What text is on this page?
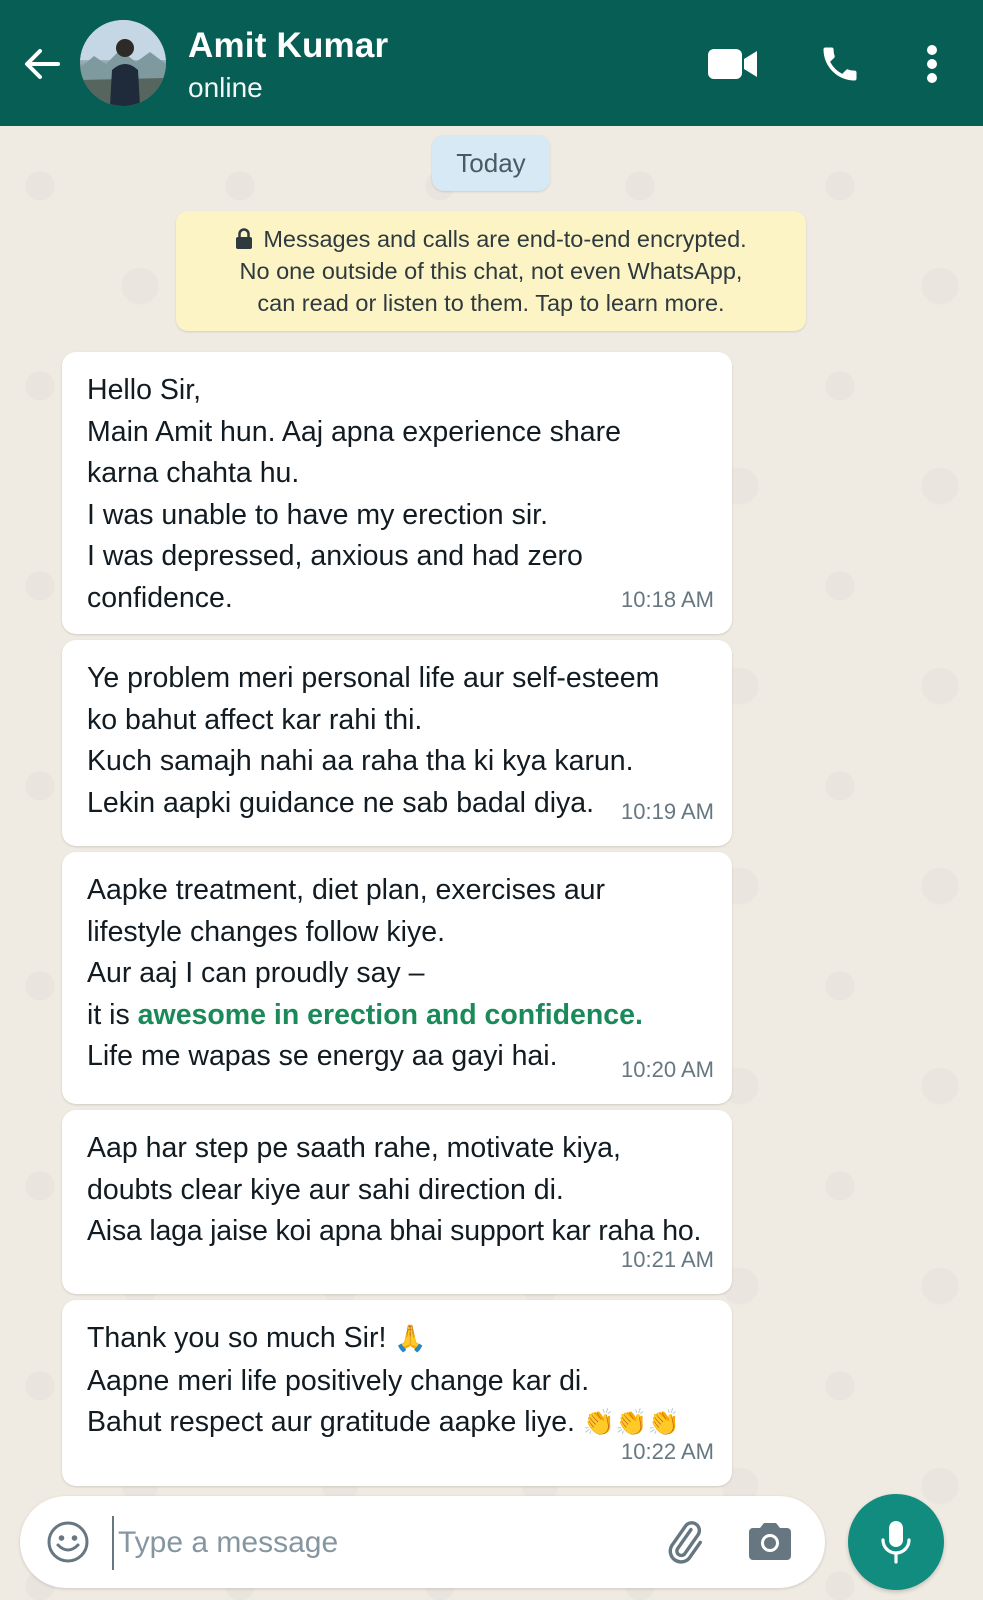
Amit Kumar
online
Today
Messages and calls are end-to-end encrypted.
No one outside of this chat, not even WhatsApp,
can read or listen to them. Tap to learn more.
Hello Sir,
Main Amit hun. Aaj apna experience share
karna chahta hu.
I was unable to have my erection sir.
I was depressed, anxious and had zero
confidence.	10:18 AM
Ye problem meri personal life aur self-esteem
ko bahut affect kar rahi thi.
Kuch samajh nahi aa raha tha ki kya karun.
Lekin aapki guidance ne sab badal diya.	10:19 AM
Aapke treatment, diet plan, exercises aur
lifestyle changes follow kiye.
Aur aaj I can proudly say –
it is awesome in erection and confidence.
Life me wapas se energy aa gayi hai.	10:20 AM
Aap har step pe saath rahe, motivate kiya,
doubts clear kiye aur sahi direction di.
Aisa laga jaise koi apna bhai support kar raha ho.
10:21 AM
Thank you so much Sir! 🙏
Aapne meri life positively change kar di.
Bahut respect aur gratitude aapke liye. 👏👏👏
10:22 AM
Type a message
